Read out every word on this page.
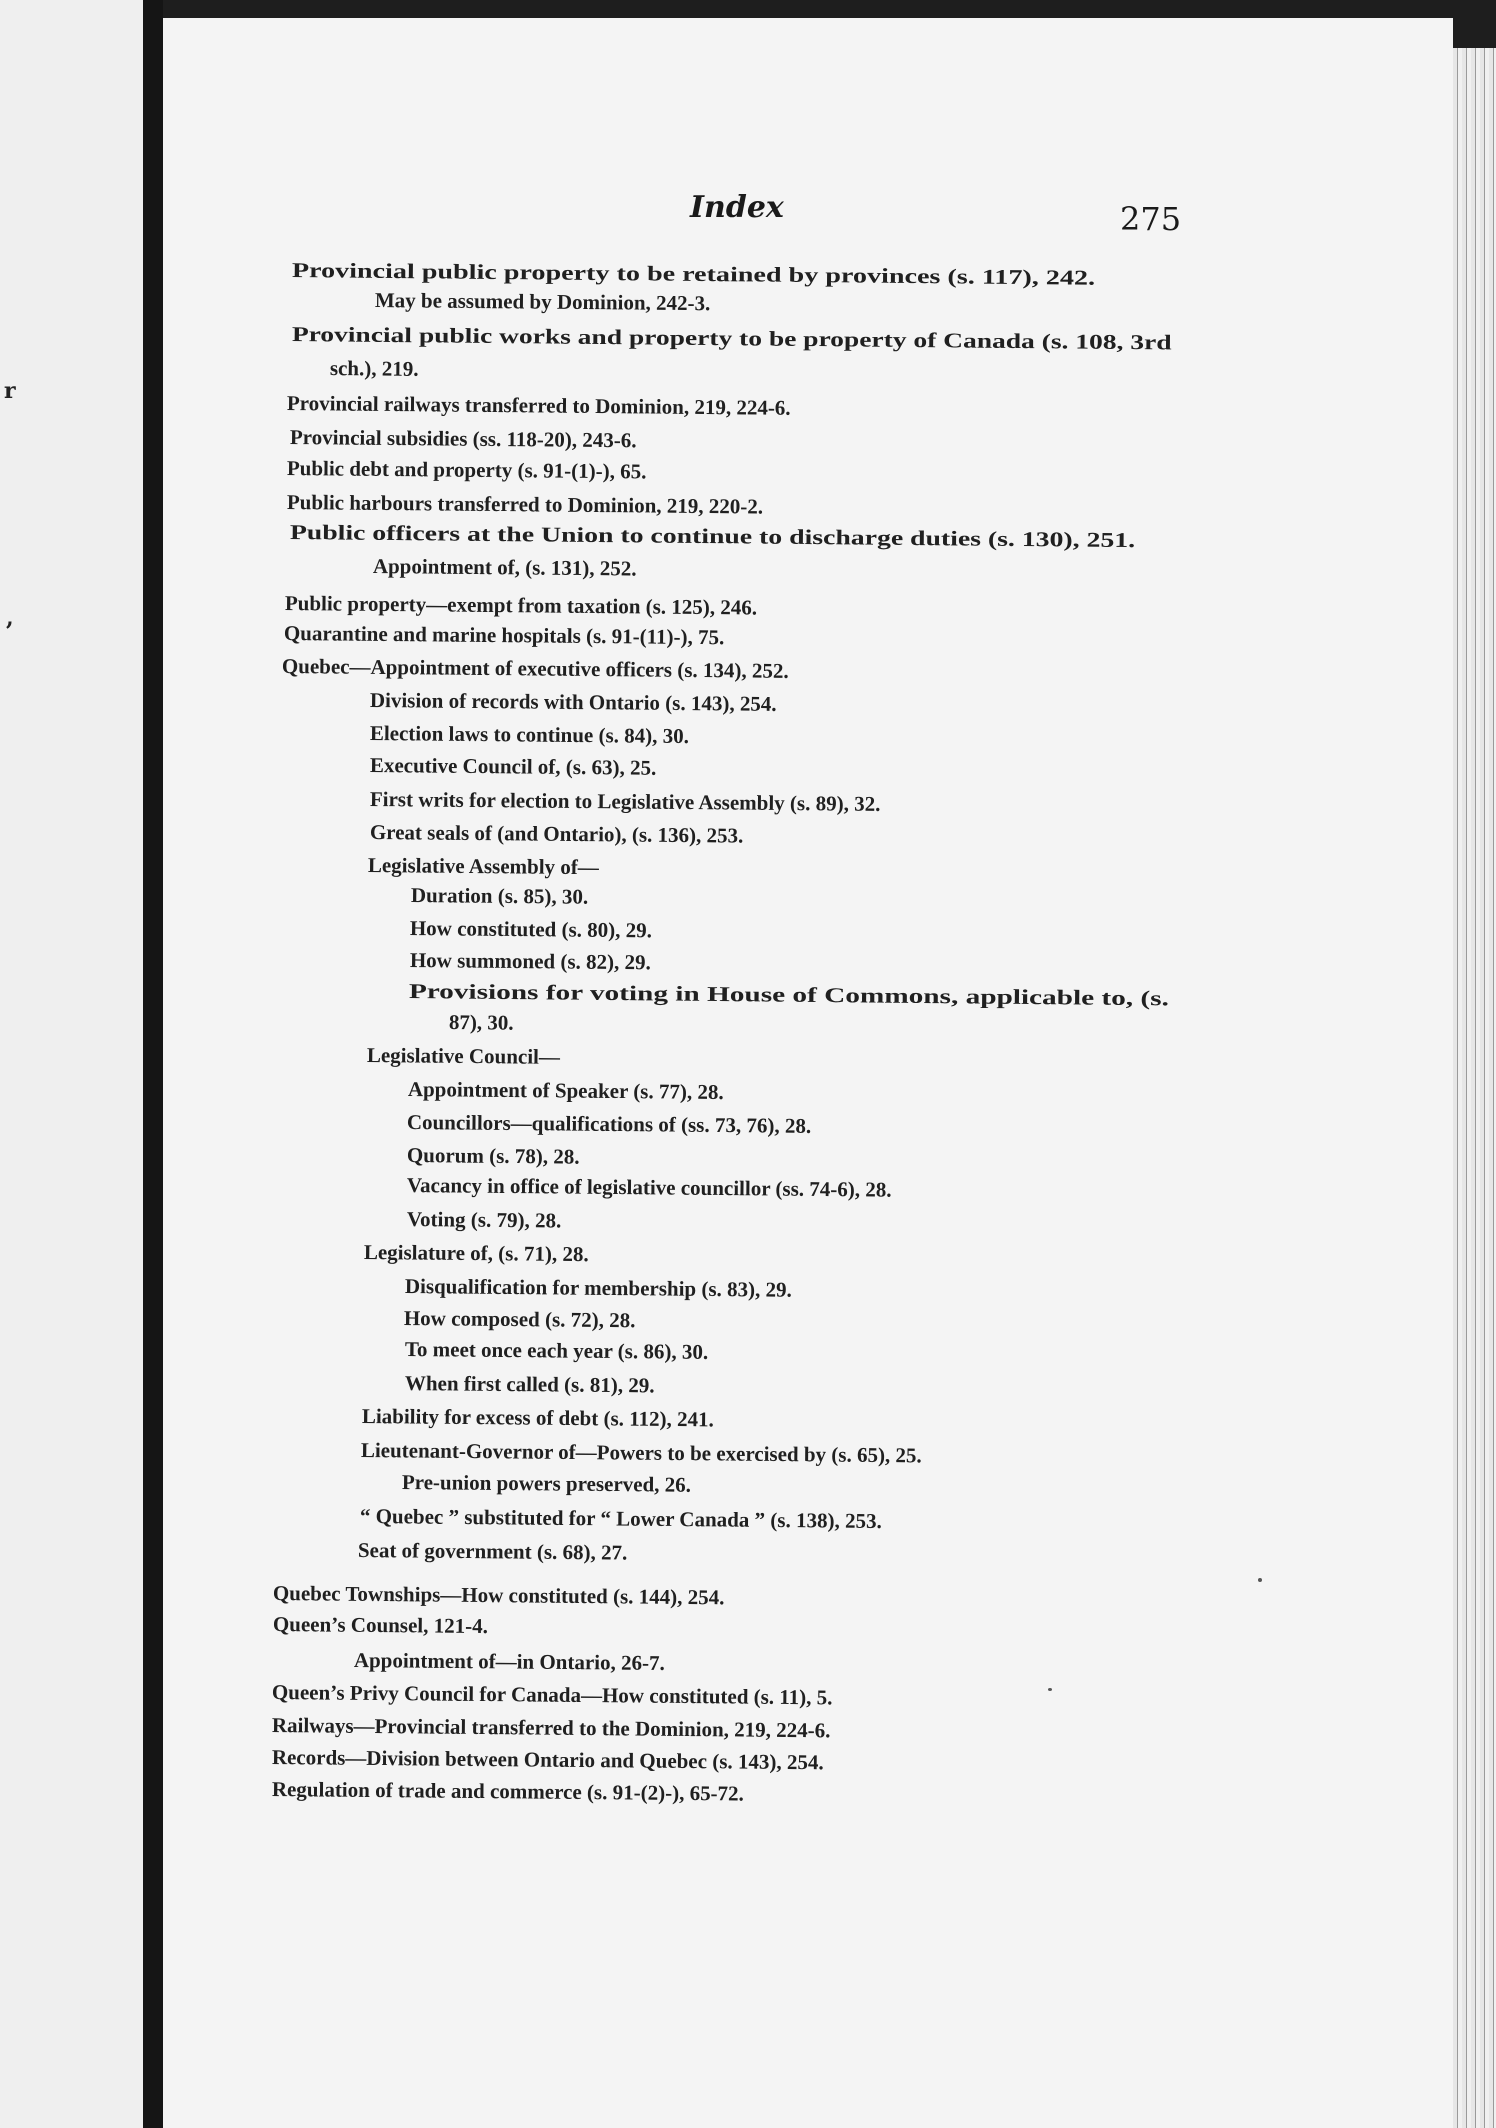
r
,
Index	275
Provincial public property to be retained by provinces (s. 117), 242.
May be assumed by Dominion, 242-3.
Provincial public works and property to be property of Canada (s. 108, 3rd
sch.), 219.
Provincial railways transferred to Dominion, 219, 224-6.
Provincial subsidies (ss. 118-20), 243-6.
Public debt and property (s. 91-(1)-), 65.
Public harbours transferred to Dominion, 219, 220-2.
Public officers at the Union to continue to discharge duties (s. 130), 251.
Appointment of, (s. 131), 252.
Public property—exempt from taxation (s. 125), 246.
Quarantine and marine hospitals (s. 91-(11)-), 75.
Quebec—Appointment of executive officers (s. 134), 252.
Division of records with Ontario (s. 143), 254.
Election laws to continue (s. 84), 30.
Executive Council of, (s. 63), 25.
First writs for election to Legislative Assembly (s. 89), 32.
Great seals of (and Ontario), (s. 136), 253.
Legislative Assembly of—
Duration (s. 85), 30.
How constituted (s. 80), 29.
How summoned (s. 82), 29.
Provisions for voting in House of Commons, applicable to, (s.
87), 30.
Legislative Council—
Appointment of Speaker (s. 77), 28.
Councillors—qualifications of (ss. 73, 76), 28.
Quorum (s. 78), 28.
Vacancy in office of legislative councillor (ss. 74-6), 28.
Voting (s. 79), 28.
Legislature of, (s. 71), 28.
Disqualification for membership (s. 83), 29.
How composed (s. 72), 28.
To meet once each year (s. 86), 30.
When first called (s. 81), 29.
Liability for excess of debt (s. 112), 241.
Lieutenant-Governor of—Powers to be exercised by (s. 65), 25.
Pre-union powers preserved, 26.
“ Quebec ” substituted for “ Lower Canada ” (s. 138), 253.
Seat of government (s. 68), 27.
Quebec Townships—How constituted (s. 144), 254.
Queen’s Counsel, 121-4.
Appointment of—in Ontario, 26-7.
Queen’s Privy Council for Canada—How constituted (s. 11), 5.
Railways—Provincial transferred to the Dominion, 219, 224-6.
Records—Division between Ontario and Quebec (s. 143), 254.
Regulation of trade and commerce (s. 91-(2)-), 65-72.
